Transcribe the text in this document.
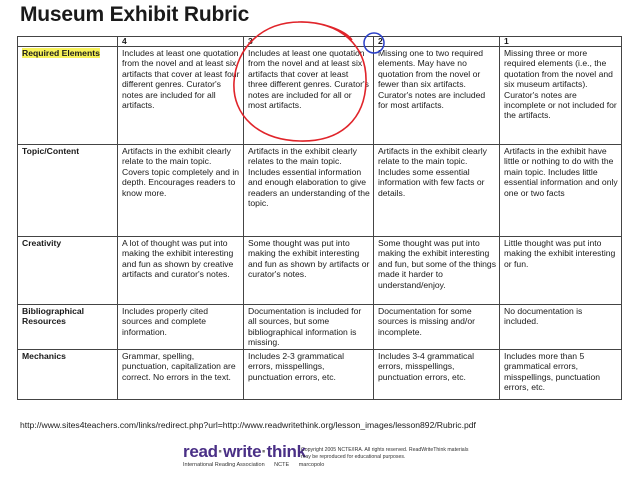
Museum Exhibit Rubric
	4	3	2	1
Required Elements	Includes at least one quotation from the novel and at least six artifacts that cover at least four different genres. Curator's notes are included for all artifacts.	Includes at least one quotation from the novel and at least six artifacts that cover at least three different genres. Curator's notes are included for all or most artifacts.	Missing one to two required elements. May have no quotation from the novel or fewer than six artifacts. Curator's notes are included for most artifacts.	Missing three or more required elements (i.e., the quotation from the novel and six museum artifacts). Curator's notes are incomplete or not included for the artifacts.
Topic/Content	Artifacts in the exhibit clearly relate to the main topic. Covers topic completely and in depth. Encourages readers to know more.	Artifacts in the exhibit clearly relates to the main topic. Includes essential information and enough elaboration to give readers an understanding of the topic.	Artifacts in the exhibit clearly relate to the main topic. Includes some essential information with few facts or details.	Artifacts in the exhibit have little or nothing to do with the main topic. Includes little essential information and only one or two facts
Creativity	A lot of thought was put into making the exhibit interesting and fun as shown by creative artifacts and curator's notes.	Some thought was put into making the exhibit interesting and fun as shown by artifacts or curator's notes.	Some thought was put into making the exhibit interesting and fun, but some of the things made it harder to understand/enjoy.	Little thought was put into making the exhibit interesting or fun.
Bibliographical Resources	Includes properly cited sources and complete information.	Documentation is included for all sources, but some bibliographical information is missing.	Documentation for some sources is missing and/or incomplete.	No documentation is included.
Mechanics	Grammar, spelling, punctuation, capitalization are correct. No errors in the text.	Includes 2-3 grammatical errors, misspellings, punctuation errors, etc.	Includes 3-4 grammatical errors, misspellings, punctuation errors, etc.	Includes more than 5 grammatical errors, misspellings, punctuation errors, etc.
http://www.sites4teachers.com/links/redirect.php?url=http://www.readwritethink.org/lesson_images/lesson892/Rubric.pdf
read·write·think
International Reading Association NCTE marcopolo
Copyright 2005 NCTE/IRA. All rights reserved. ReadWriteThink materials may be reproduced for educational purposes.
